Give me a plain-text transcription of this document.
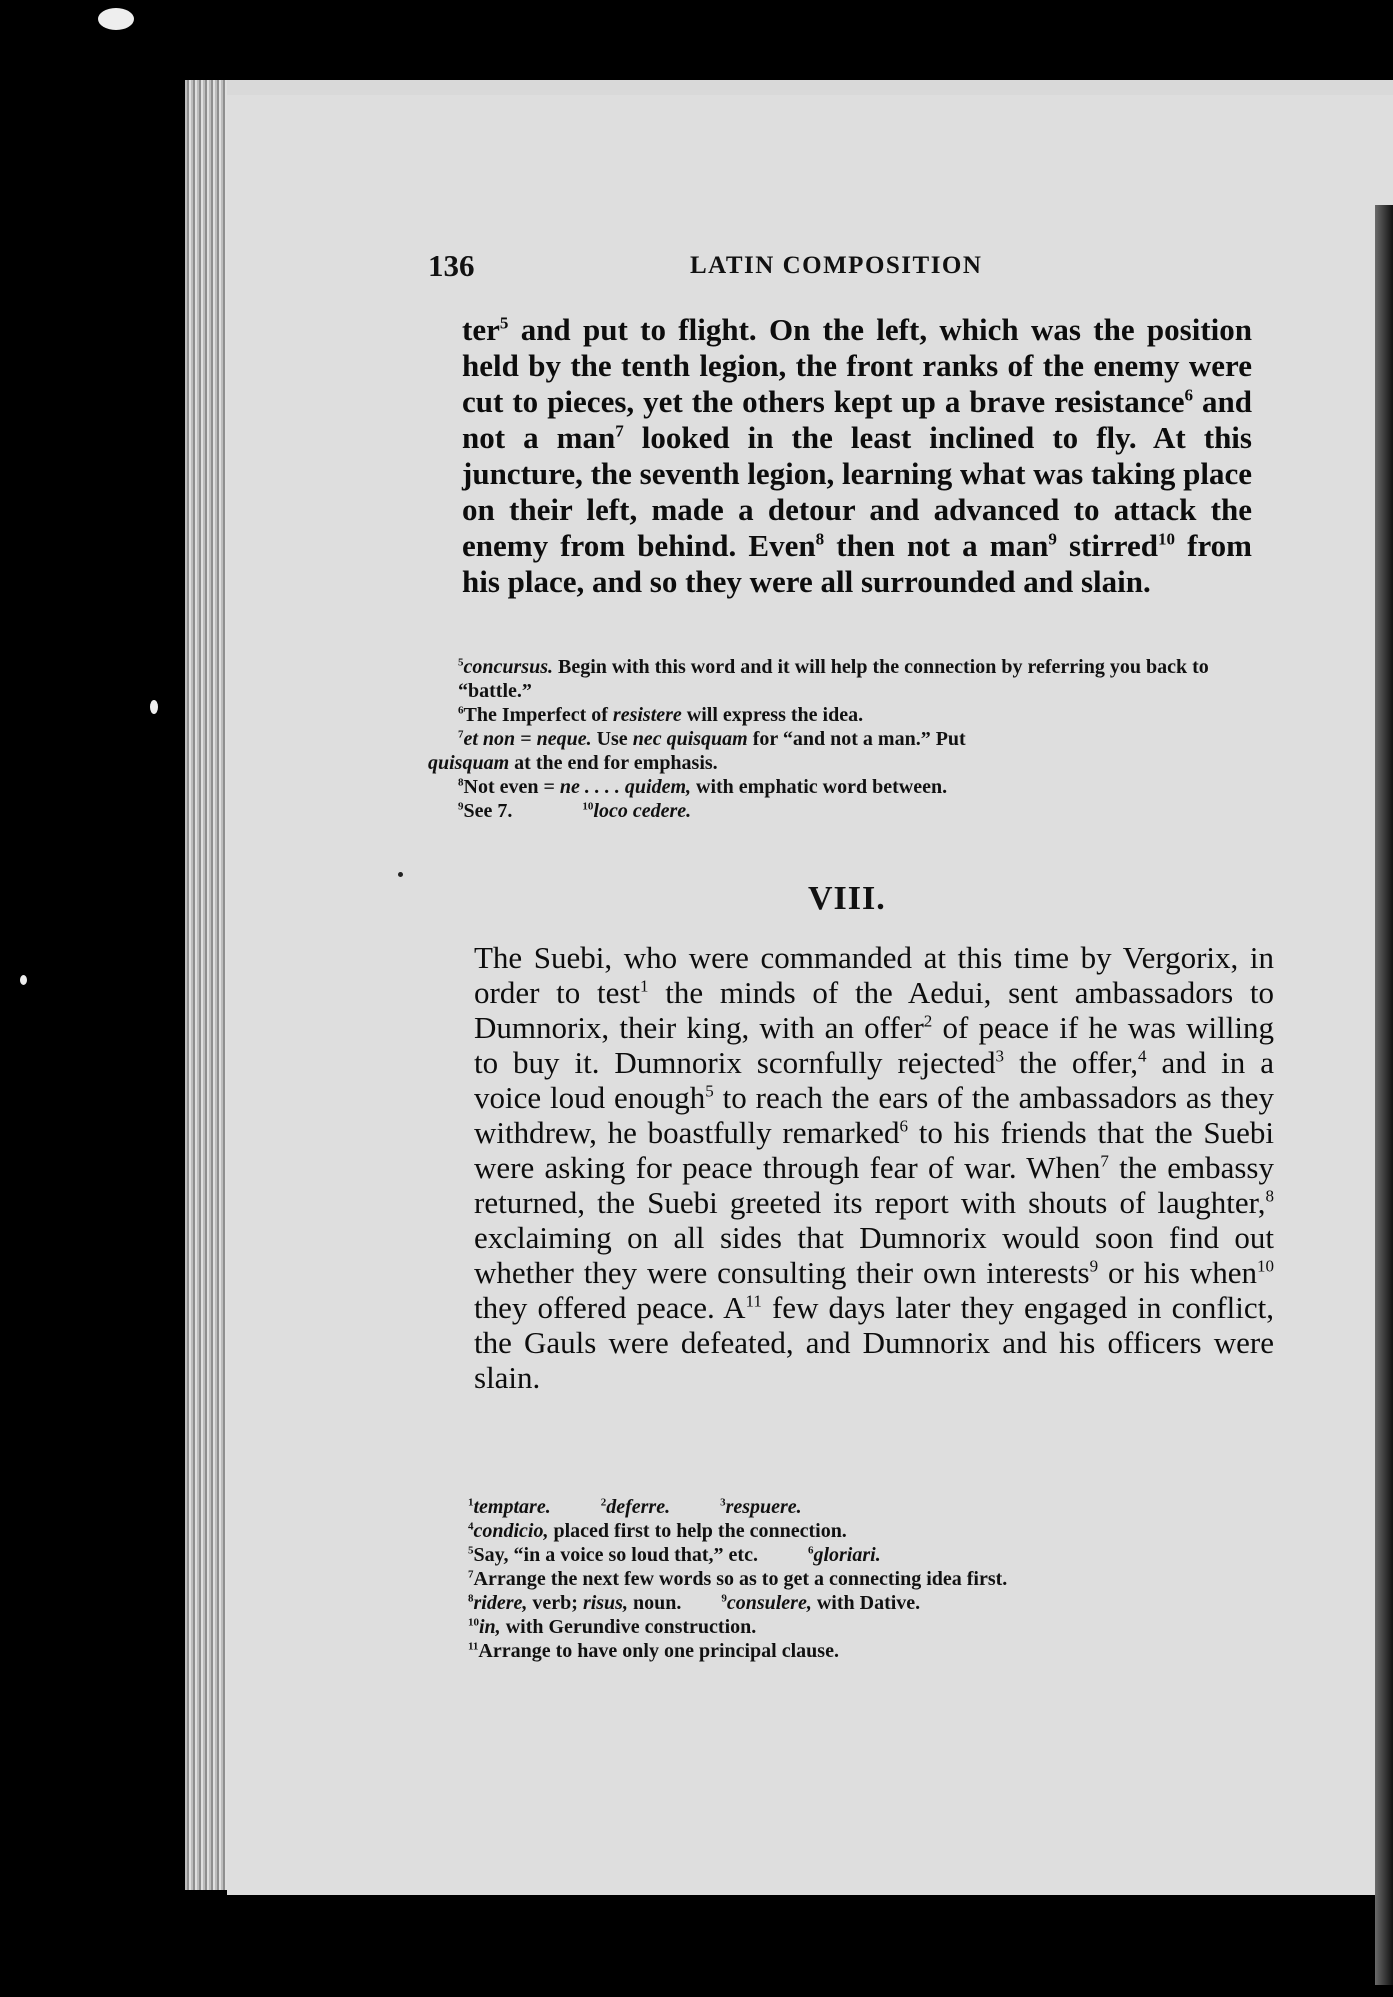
136	LATIN COMPOSITION

ter$^5$ and put to flight. On the left, which was the position held by the tenth legion, the front ranks of the enemy were cut to pieces, yet the others kept up a brave resistance$^6$ and not a man$^7$ looked in the least inclined to fly. At this juncture, the seventh legion, learning what was taking place on their left, made a detour and advanced to attack the enemy from behind. Even$^8$ then not a man$^9$ stirred$^{10}$ from his place, and so they were all surrounded and slain.

$^5$concursus. Begin with this word and it will help the connection by referring you back to “battle.”
$^6$The Imperfect of resistere will express the idea.
$^7$et non = neque. Use nec quisquam for “and not a man.” Put
quisquam at the end for emphasis.
$^8$Not even = ne . . . . quidem, with emphatic word between.
$^9$See 7.	$^{10}$loco cedere.
VIII.

The Suebi, who were commanded at this time by Vergorix, in order to test$^1$ the minds of the Aedui, sent ambassadors to Dumnorix, their king, with an offer$^2$ of peace if he was willing to buy it. Dumnorix scornfully rejected$^3$ the offer,$^4$ and in a voice loud enough$^5$ to reach the ears of the ambassadors as they withdrew, he boastfully remarked$^6$ to his friends that the Suebi were asking for peace through fear of war. When$^7$ the embassy returned, the Suebi greeted its report with shouts of laughter,$^8$ exclaiming on all sides that Dumnorix would soon find out whether they were consulting their own interests$^9$ or his when$^{10}$ they offered peace. $A^{11}$ few days later they engaged in conflict, the Gauls were defeated, and Dumnorix and his officers were slain.

$^1$temptare.	$^2$deferre.	$^3$respuere.
$^4$condicio, placed first to help the connection.
$^5$Say, “in a voice so loud that,” etc.	$^6$gloriari.
$^7$Arrange the next few words so as to get a connecting idea first.
$^8$ridere, verb; risus, noun.	$^9$consulere, with Dative.
$^{10}$in, with Gerundive construction.
$^{11}$Arrange to have only one principal clause.
